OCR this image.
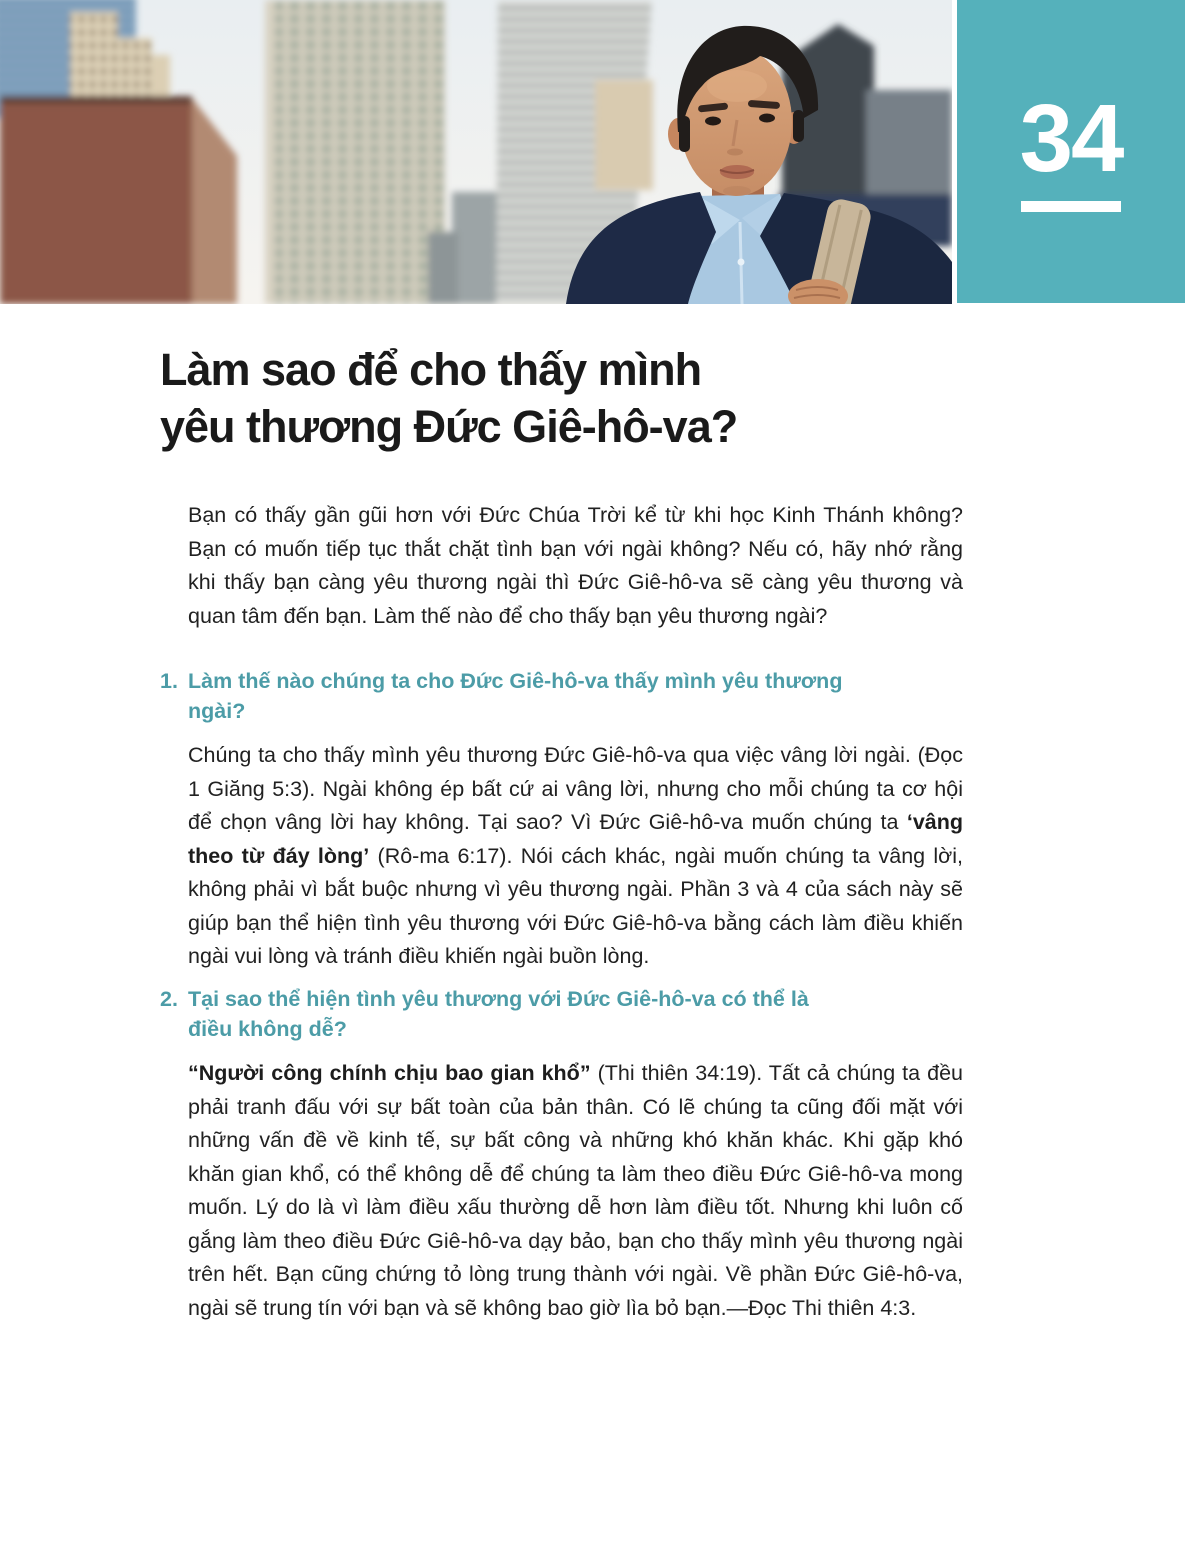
34
Làm sao để cho thấy mình yêu thương Đức Giê-hô-va?

Bạn có thấy gần gũi hơn với Đức Chúa Trời kể từ khi học Kinh Thánh không? Bạn có muốn tiếp tục thắt chặt tình bạn với ngài không? Nếu có, hãy nhớ rằng khi thấy bạn càng yêu thương ngài thì Đức Giê-hô-va sẽ càng yêu thương và quan tâm đến bạn. Làm thế nào để cho thấy bạn yêu thương ngài?

1. Làm thế nào chúng ta cho Đức Giê-hô-va thấy mình yêu thương ngài?

Chúng ta cho thấy mình yêu thương Đức Giê-hô-va qua việc vâng lời ngài. (Đọc 1 Giăng 5:3). Ngài không ép bất cứ ai vâng lời, nhưng cho mỗi chúng ta cơ hội để chọn vâng lời hay không. Tại sao? Vì Đức Giê-hô-va muốn chúng ta ‘vâng theo từ đáy lòng’ (Rô-ma 6:17). Nói cách khác, ngài muốn chúng ta vâng lời, không phải vì bắt buộc nhưng vì yêu thương ngài. Phần 3 và 4 của sách này sẽ giúp bạn thể hiện tình yêu thương với Đức Giê-hô-va bằng cách làm điều khiến ngài vui lòng và tránh điều khiến ngài buồn lòng.

2. Tại sao thể hiện tình yêu thương với Đức Giê-hô-va có thể là điều không dễ?

“Người công chính chịu bao gian khổ” (Thi thiên 34:19). Tất cả chúng ta đều phải tranh đấu với sự bất toàn của bản thân. Có lẽ chúng ta cũng đối mặt với những vấn đề về kinh tế, sự bất công và những khó khăn khác. Khi gặp khó khăn gian khổ, có thể không dễ để chúng ta làm theo điều Đức Giê-hô-va mong muốn. Lý do là vì làm điều xấu thường dễ hơn làm điều tốt. Nhưng khi luôn cố gắng làm theo điều Đức Giê-hô-va dạy bảo, bạn cho thấy mình yêu thương ngài trên hết. Bạn cũng chứng tỏ lòng trung thành với ngài. Về phần Đức Giê-hô-va, ngài sẽ trung tín với bạn và sẽ không bao giờ lìa bỏ bạn.—Đọc Thi thiên 4:3.
